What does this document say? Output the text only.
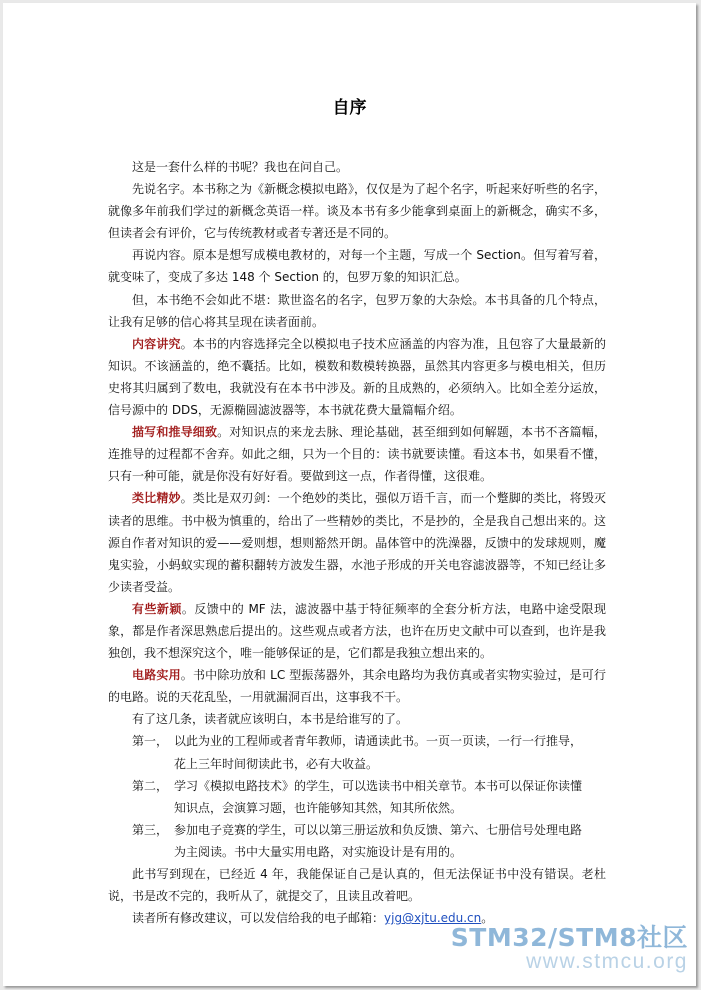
自序

这是一套什么样的书呢？我也在问自己。

先说名字。本书称之为《新概念模拟电路》，仅仅是为了起个名字，听起来好听些的名字，就像多年前我们学过的新概念英语一样。谈及本书有多少能拿到桌面上的新概念，确实不多，但读者会有评价，它与传统教材或者专著还是不同的。

再说内容。原本是想写成模电教材的，对每一个主题，写成一个 Section。但写着写着，就变味了，变成了多达 148 个 Section 的，包罗万象的知识汇总。

但，本书绝不会如此不堪：欺世盗名的名字，包罗万象的大杂烩。本书具备的几个特点，让我有足够的信心将其呈现在读者面前。

内容讲究。本书的内容选择完全以模拟电子技术应涵盖的内容为准，且包容了大量最新的知识。不该涵盖的，绝不囊括。比如，模数和数模转换器，虽然其内容更多与模电相关，但历史将其归属到了数电，我就没有在本书中涉及。新的且成熟的，必须纳入。比如全差分运放，信号源中的 DDS，无源椭圆滤波器等，本书就花费大量篇幅介绍。

描写和推导细致。对知识点的来龙去脉、理论基础，甚至细到如何解题，本书不吝篇幅，连推导的过程都不舍弃。如此之细，只为一个目的：读书就要读懂。看这本书，如果看不懂，只有一种可能，就是你没有好好看。要做到这一点，作者得懂，这很难。

类比精妙。类比是双刃剑：一个绝妙的类比，强似万语千言，而一个蹩脚的类比，将毁灭读者的思维。书中极为慎重的，给出了一些精妙的类比，不是抄的，全是我自己想出来的。这源自作者对知识的爱——爱则想，想则豁然开朗。晶体管中的洗澡器，反馈中的发球规则，魔鬼实验，小蚂蚁实现的蓄积翻转方波发生器，水池子形成的开关电容滤波器等，不知已经让多少读者受益。

有些新颖。反馈中的 MF 法，滤波器中基于特征频率的全套分析方法，电路中途受限现象，都是作者深思熟虑后提出的。这些观点或者方法，也许在历史文献中可以查到，也许是我独创，我不想深究这个，唯一能够保证的是，它们都是我独立想出来的。

电路实用。书中除功放和 LC 型振荡器外，其余电路均为我仿真或者实物实验过，是可行的电路。说的天花乱坠，一用就漏洞百出，这事我不干。

有了这几条，读者就应该明白，本书是给谁写的了。

第一， 以此为业的工程师或者青年教师，请通读此书。一页一页读，一行一行推导，
花上三年时间彻读此书，必有大收益。
第二， 学习《模拟电路技术》的学生，可以选读书中相关章节。本书可以保证你读懂
知识点，会演算习题，也许能够知其然，知其所依然。
第三， 参加电子竞赛的学生，可以以第三册运放和负反馈、第六、七册信号处理电路
为主阅读。书中大量实用电路，对实施设计是有用的。

此书写到现在，已经近 4 年，我能保证自己是认真的，但无法保证书中没有错误。老杜说，书是改不完的，我听从了，就提交了，且读且改着吧。

读者所有修改建议，可以发信给我的电子邮箱：yjg@xjtu.edu.cn。

STM32/STM8社区
www.stmcu.org
